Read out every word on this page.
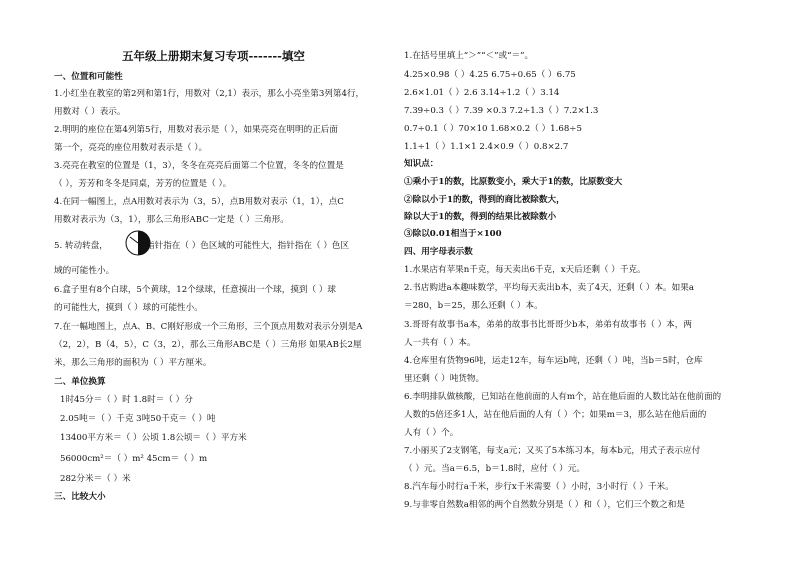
五年级上册期末复习专项-------填空
一、位置和可能性
1.小红坐在教室的第2列和第1行，用数对（2,1）表示，那么小亮坐第3列第4行，
用数对（ ）表示。
2.明明的座位在第4列第5行，用数对表示是（ ），如果亮亮在明明的正后面
第一个，亮亮的座位用数对表示是（ ）。
3.亮亮在教室的位置是（1，3），冬冬在亮亮后面第二个位置，冬冬的位置是
（ ），芳芳和冬冬是同桌，芳芳的位置是（ ）。
4.在同一幅图上，点A用数对表示为（3，5），点B用数对表示（1，1），点C
用数对表示为（3，1），那么三角形ABC一定是（ ）三角形。
5. 转动转盘，	指针指在（ ）色区域的可能性大，指针指在（ ）色区
域的可能性小。
6.盒子里有8个白球，5个黄球，12个绿球，任意摸出一个球，摸到（ ）球
的可能性大，摸到（ ）球的可能性小。
7.在一幅地图上，点A、B、C刚好形成一个三角形，三个顶点用数对表示分别是A
（2，2），B（4，5），C（3，2），那么三角形ABC是（ ）三角形 如果AB长2厘
米，那么三角形的面积为（ ）平方厘米。
二、单位换算
1时45分＝（ ）时 1.8时＝（ ）分
2.05吨＝（ ）千克 3吨50千克＝（ ）吨
13400平方米＝（ ）公顷 1.8公顷＝（ ）平方米
56000cm²＝（ ）m² 45cm＝（ ）m
282分米＝（ ）米
三、比较大小
1.在括号里填上“＞”“＜”或“＝”。
4.25×0.98（ ）4.25 6.75÷0.65（ ）6.75
2.6×1.01（ ）2.6 3.14÷1.2（ ）3.14
7.39÷0.3（ ）7.39 ×0.3 7.2÷1.3（ ）7.2×1.3
0.7÷0.1（ ）70×10 1.68×0.2（ ）1.68÷5
1.1÷1（ ）1.1×1 2.4×0.9（ ）0.8×2.7
知识点：
①乘小于1的数，比原数变小，乘大于1的数，比原数变大
②除以小于1的数，得到的商比被除数大，
除以大于1的数，得到的结果比被除数小
③除以0.01相当于×100
四、用字母表示数
1.水果店有苹果n千克，每天卖出6千克，x天后还剩（ ）千克。
2.书店购进a本趣味数学，平均每天卖出b本，卖了4天，还剩（ ）本。如果a
＝280，b＝25，那么还剩（ ）本。
3.哥哥有故事书a本，弟弟的故事书比哥哥少b本，弟弟有故事书（ ）本，两
人一共有（ ）本。
4.仓库里有货物96吨，运走12车，每车运b吨，还剩（ ）吨，当b＝5时，仓库
里还剩（ ）吨货物。
6.李明排队做核酸，已知站在他前面的人有m个，站在他后面的人数比站在他前面的
人数的5倍还多1人，站在他后面的人有（ ）个；如果m＝3，那么站在他后面的
人有（ ）个。
7.小丽买了2支钢笔，每支a元；又买了5本练习本，每本b元，用式子表示应付
（ ）元。当a＝6.5，b＝1.8时，应付（ ）元。
8.汽车每小时行a千米，步行x千米需要（ ）小时，3小时行（ ）千米。
9.与非零自然数a相邻的两个自然数分别是（ ）和（ ），它们三个数之和是
